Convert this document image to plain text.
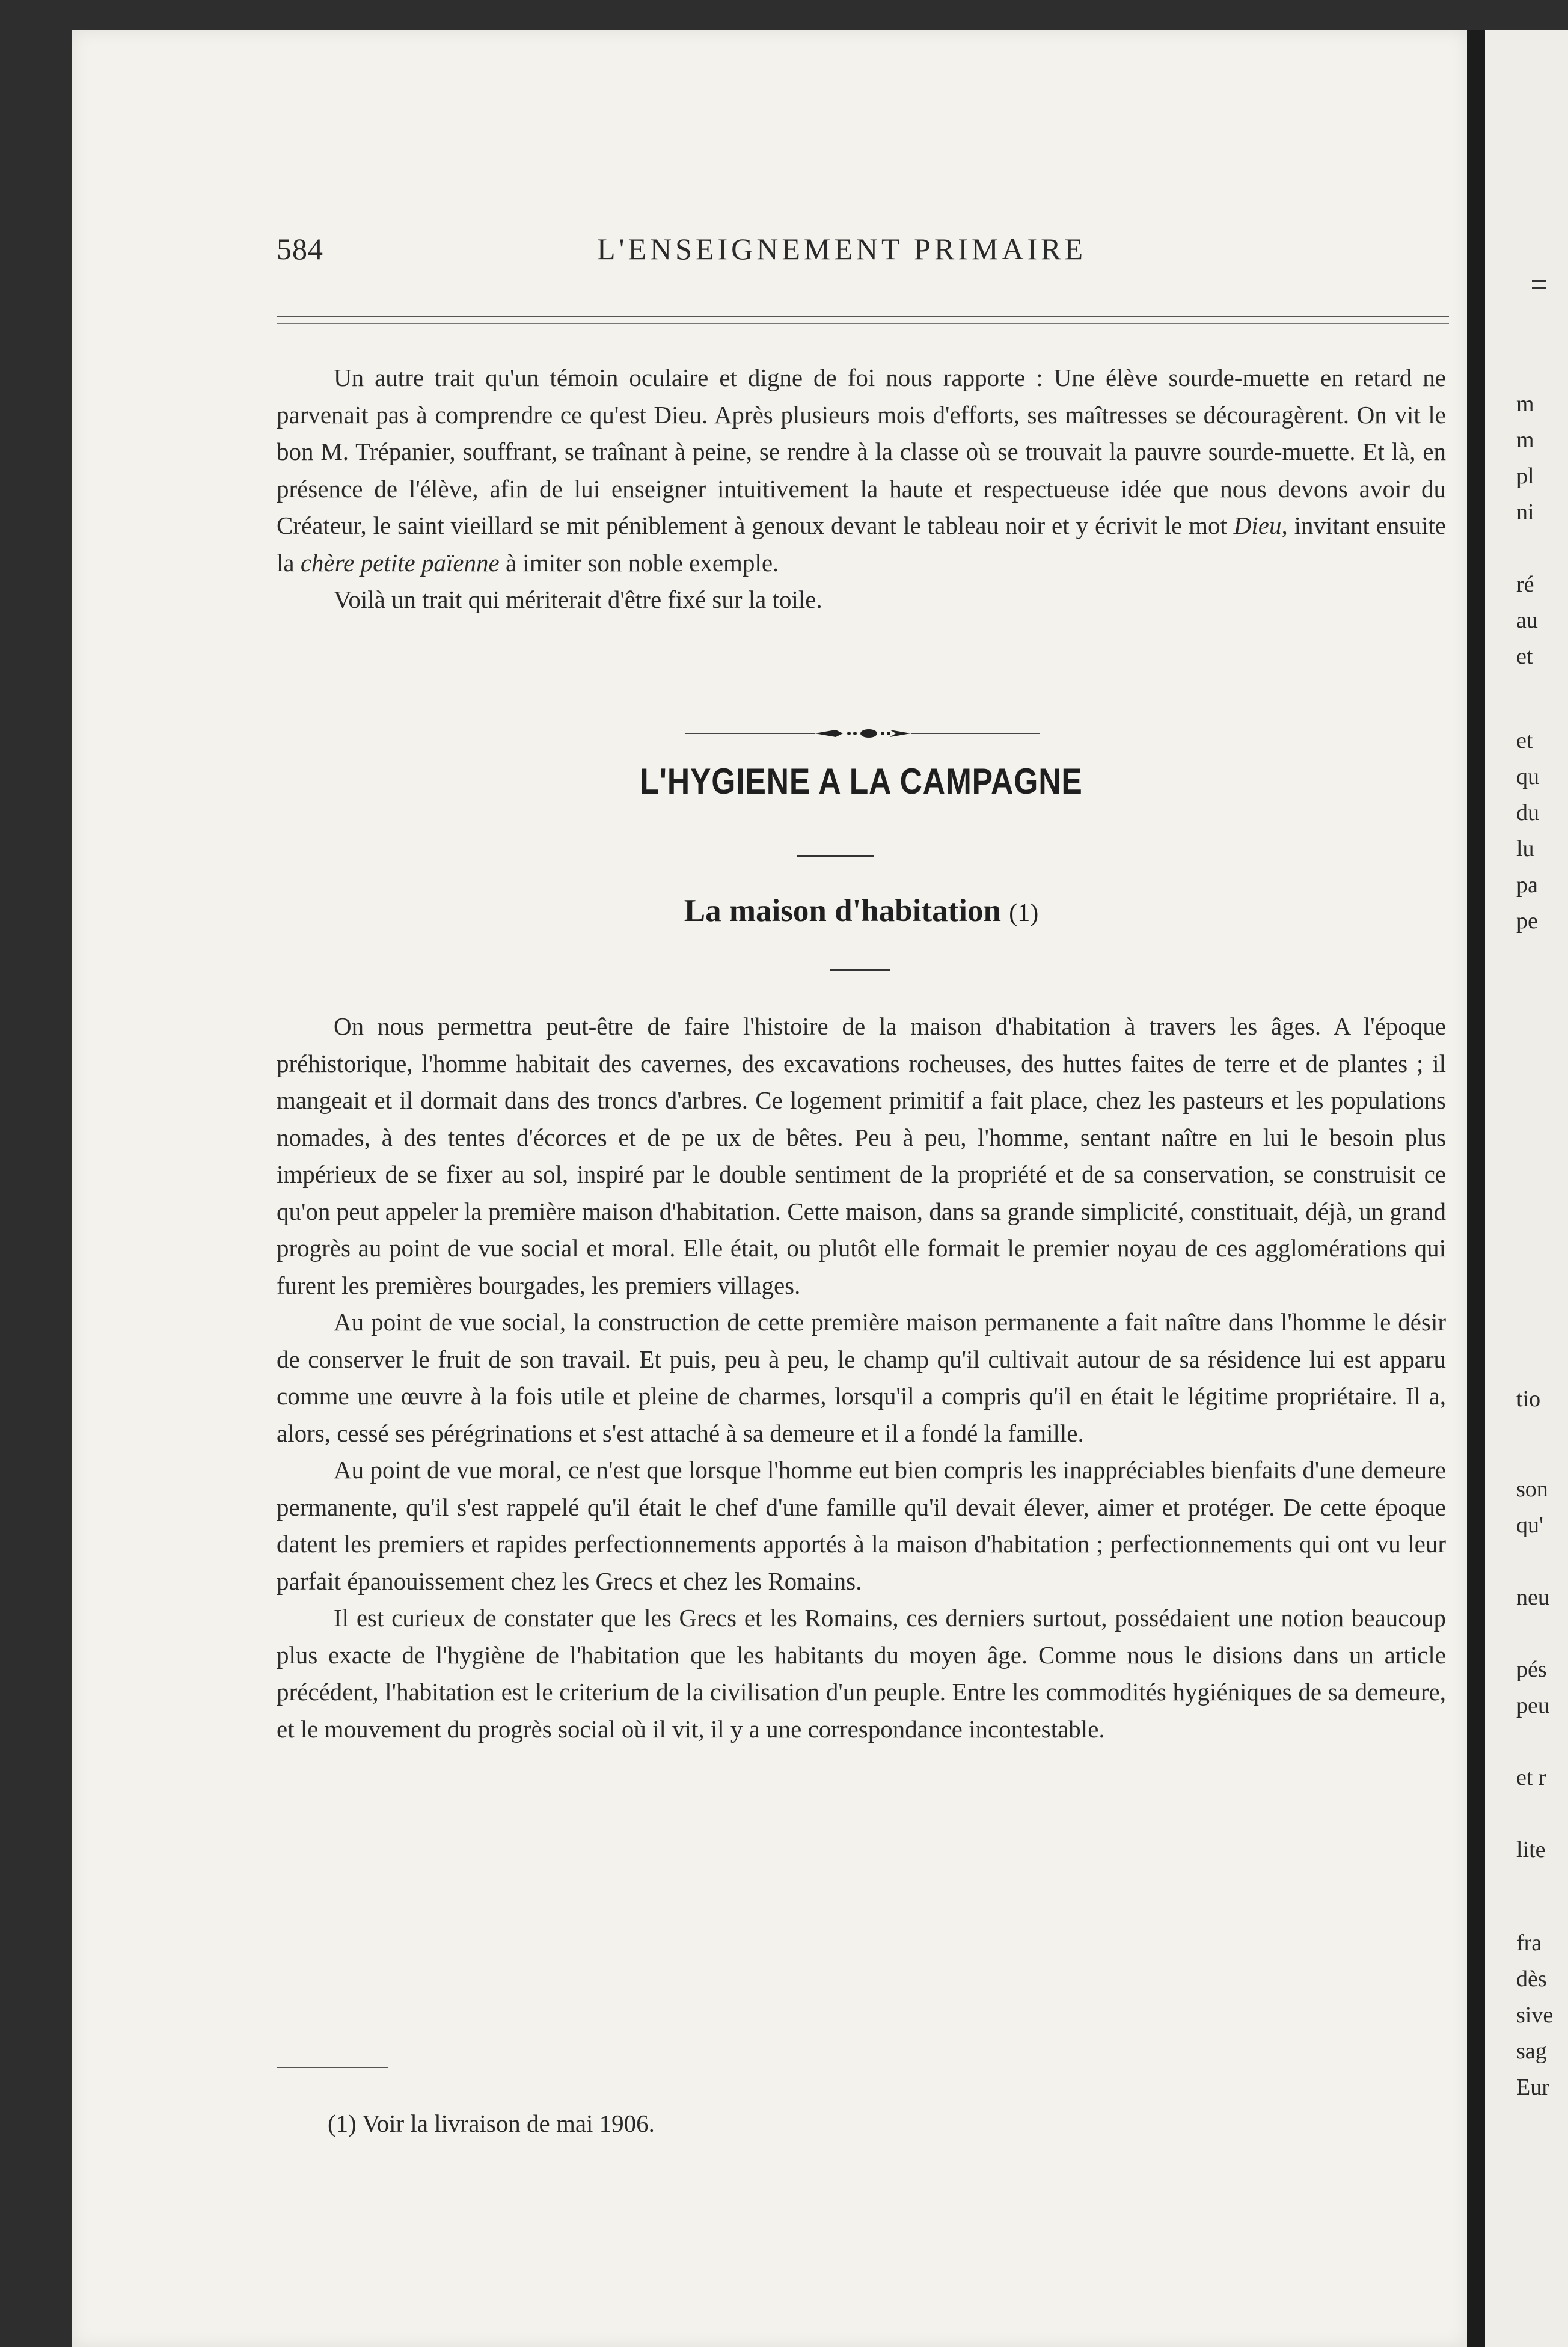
m
m
pl
ni
ré
au
et
et
qu
du
lu
pa
pe
tio
son
qu'
neu
pés
peu
et r
lite
fra
dès
sive
sag
Eur
584	L'ENSEIGNEMENT PRIMAIRE

Un autre trait qu'un témoin oculaire et digne de foi nous rapporte : Une élève sourde-muette en retard ne parvenait pas à comprendre ce qu'est Dieu. Après plusieurs mois d'efforts, ses maîtresses se découragèrent. On vit le bon M. Trépanier, souffrant, se traînant à peine, se rendre à la classe où se trouvait la pauvre sourde-muette. Et là, en présence de l'élève, afin de lui enseigner intuitivement la haute et respectueuse idée que nous devons avoir du Créateur, le saint vieillard se mit péniblement à genoux devant le tableau noir et y écrivit le mot Dieu, invitant ensuite la chère petite païenne à imiter son noble exemple.

Voilà un trait qui mériterait d'être fixé sur la toile.

L'HYGIENE A LA CAMPAGNE
La maison d'habitation (1)

On nous permettra peut-être de faire l'histoire de la maison d'habitation à travers les âges. A l'époque préhistorique, l'homme habitait des cavernes, des excavations rocheuses, des huttes faites de terre et de plantes ; il mangeait et il dormait dans des troncs d'arbres. Ce logement primitif a fait place, chez les pasteurs et les populations nomades, à des tentes d'écorces et de pe ux de bêtes. Peu à peu, l'homme, sentant naître en lui le besoin plus impérieux de se fixer au sol, inspiré par le double sentiment de la propriété et de sa conservation, se construisit ce qu'on peut appeler la première maison d'habitation. Cette maison, dans sa grande simplicité, constituait, déjà, un grand progrès au point de vue social et moral. Elle était, ou plutôt elle formait le premier noyau de ces agglomérations qui furent les premières bourgades, les premiers villages.

Au point de vue social, la construction de cette première maison permanente a fait naître dans l'homme le désir de conserver le fruit de son travail. Et puis, peu à peu, le champ qu'il cultivait autour de sa résidence lui est apparu comme une œuvre à la fois utile et pleine de charmes, lorsqu'il a compris qu'il en était le légitime propriétaire. Il a, alors, cessé ses pérégrinations et s'est attaché à sa demeure et il a fondé la famille.

Au point de vue moral, ce n'est que lorsque l'homme eut bien compris les inappréciables bienfaits d'une demeure permanente, qu'il s'est rappelé qu'il était le chef d'une famille qu'il devait élever, aimer et protéger. De cette époque datent les premiers et rapides perfectionnements apportés à la maison d'habitation ; perfectionnements qui ont vu leur parfait épanouissement chez les Grecs et chez les Romains.

Il est curieux de constater que les Grecs et les Romains, ces derniers surtout, possédaient une notion beaucoup plus exacte de l'hygiène de l'habitation que les habitants du moyen âge. Comme nous le disions dans un article précédent, l'habitation est le criterium de la civilisation d'un peuple. Entre les commodités hygiéniques de sa demeure, et le mouvement du progrès social où il vit, il y a une correspondance incontestable.

(1) Voir la livraison de mai 1906.
